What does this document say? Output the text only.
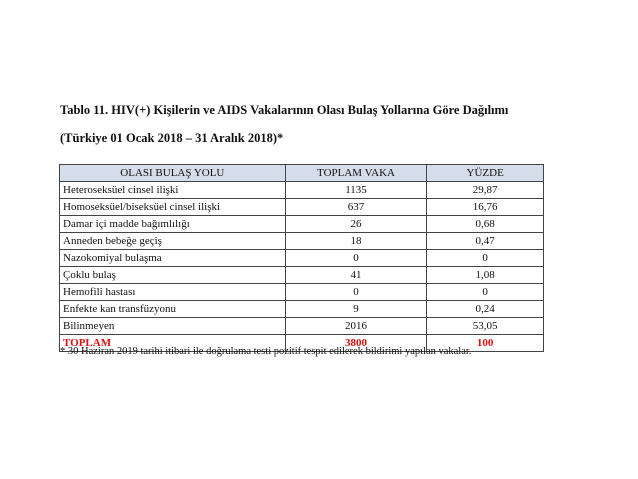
Tablo 11. HIV(+) Kişilerin ve AIDS Vakalarının Olası Bulaş Yollarına Göre Dağılımı

(Türkiye 01 Ocak 2018 – 31 Aralık 2018)*

OLASI BULAŞ YOLU	TOPLAM VAKA	YÜZDE
Heteroseksüel cinsel ilişki	1135	29,87
Homoseksüel/biseksüel cinsel ilişki	637	16,76
Damar içi madde bağımlılığı	26	0,68
Anneden bebeğe geçiş	18	0,47
Nazokomiyal bulaşma	0	0
Çoklu bulaş	41	1,08
Hemofili hastası	0	0
Enfekte kan transfüzyonu	9	0,24
Bilinmeyen	2016	53,05
TOPLAM	3800	100

* 30 Haziran 2019 tarihi itibari ile doğrulama testi pozitif tespit edilerek bildirimi yapılan vakalar.
